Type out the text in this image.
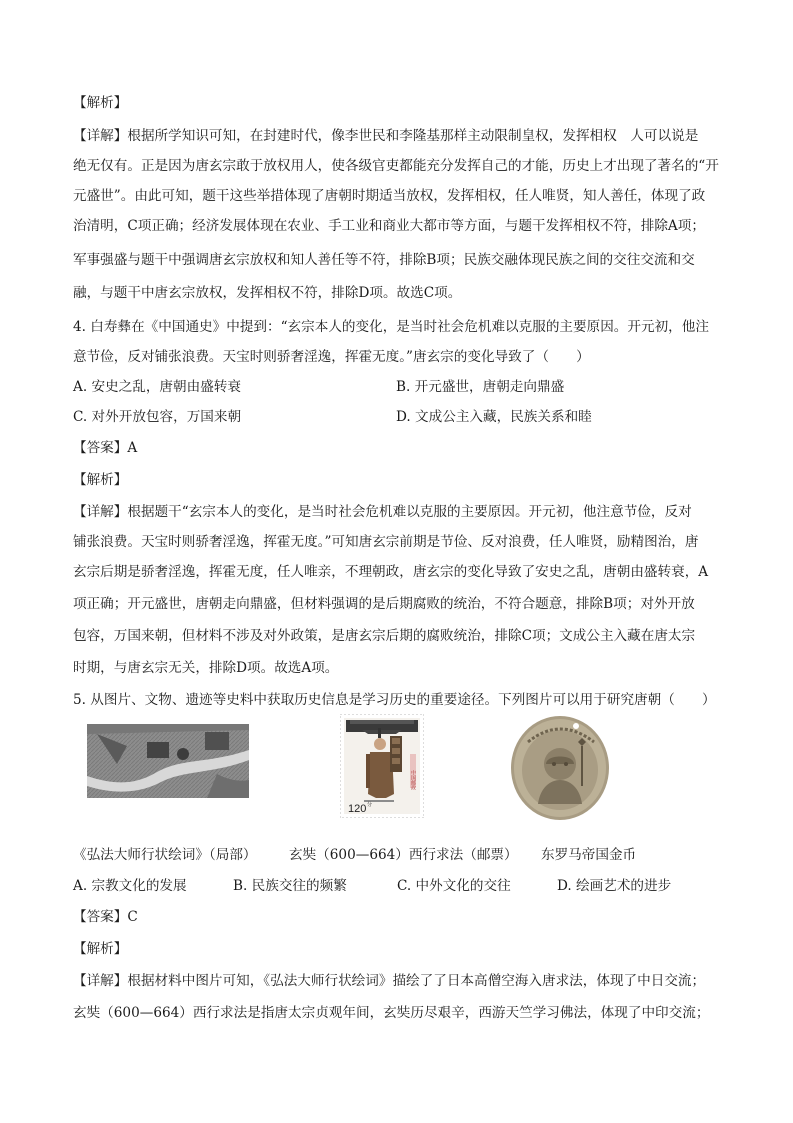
【解析】
【详解】根据所学知识可知，在封建时代，像李世民和李隆基那样主动限制皇权，发挥相权　人可以说是
绝无仅有。正是因为唐玄宗敢于放权用人，使各级官吏都能充分发挥自己的才能，历史上才出现了著名的“开
元盛世”。由此可知，题干这些举措体现了唐朝时期适当放权，发挥相权，任人唯贤，知人善任，体现了政
治清明，C项正确；经济发展体现在农业、手工业和商业大都市等方面，与题干发挥相权不符，排除A项；
军事强盛与题干中强调唐玄宗放权和知人善任等不符，排除B项；民族交融体现民族之间的交往交流和交
融，与题干中唐玄宗放权，发挥相权不符，排除D项。故选C项。
4. 白寿彝在《中国通史》中提到：“玄宗本人的变化，是当时社会危机难以克服的主要原因。开元初，他注
意节俭，反对铺张浪费。天宝时则骄奢淫逸，挥霍无度。”唐玄宗的变化导致了（　　）
A. 安史之乱，唐朝由盛转衰	B. 开元盛世，唐朝走向鼎盛
C. 对外开放包容，万国来朝	D. 文成公主入藏，民族关系和睦
【答案】A
【解析】
【详解】根据题干“玄宗本人的变化，是当时社会危机难以克服的主要原因。开元初，他注意节俭，反对
铺张浪费。天宝时则骄奢淫逸，挥霍无度。”可知唐玄宗前期是节俭、反对浪费，任人唯贤，励精图治，唐
玄宗后期是骄奢淫逸，挥霍无度，任人唯亲，不理朝政，唐玄宗的变化导致了安史之乱，唐朝由盛转衰，A
项正确；开元盛世，唐朝走向鼎盛，但材料强调的是后期腐败的统治，不符合题意，排除B项；对外开放
包容，万国来朝，但材料不涉及对外政策，是唐玄宗后期的腐败统治，排除C项；文成公主入藏在唐太宗
时期，与唐玄宗无关，排除D项。故选A项。
5. 从图片、文物、遗迹等史料中获取历史信息是学习历史的重要途径。下列图片可以用于研究唐朝（　　）
中国邮政
120 分
《弘法大师行状绘词》（局部） 玄奘（600—664）西行求法（邮票） 东罗马帝国金币
A. 宗教文化的发展	B. 民族交往的频繁	C. 中外文化的交往	D. 绘画艺术的进步
【答案】C
【解析】
【详解】根据材料中图片可知，《弘法大师行状绘词》描绘了了日本高僧空海入唐求法，体现了中日交流；
玄奘（600—664）西行求法是指唐太宗贞观年间，玄奘历尽艰辛，西游天竺学习佛法，体现了中印交流；
